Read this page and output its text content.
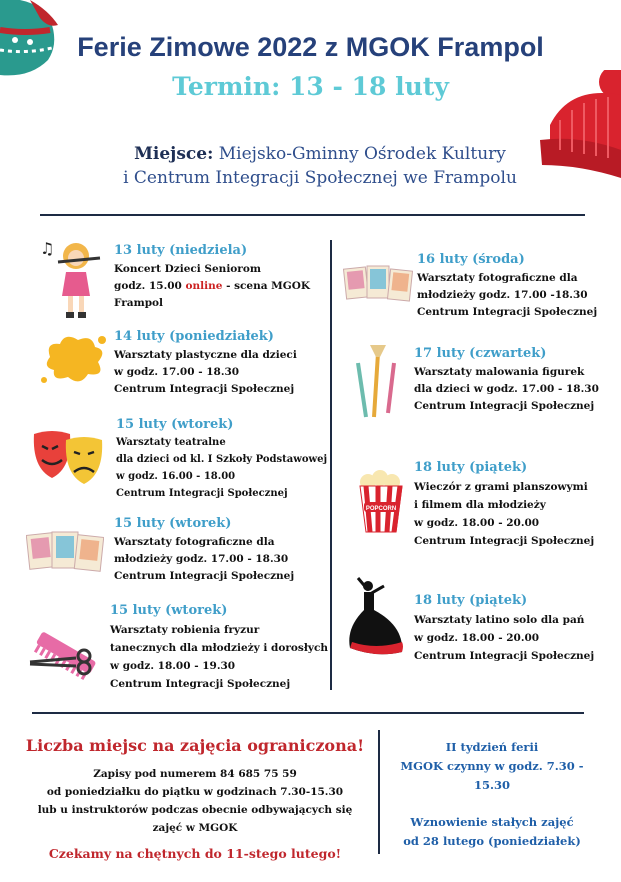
Ferie Zimowe 2022 z MGOK Frampol
Termin: 13 - 18 luty
Miejsce: Miejsko-Gminny Ośrodek Kultury
i Centrum Integracji Społecznej we Frampolu
♫	13 luty (niedziela)
Koncert Dzieci Seniorom
godz. 15.00 online - scena MGOK
Frampol
14 luty (poniedziałek)
Warsztaty plastyczne dla dzieci
w godz. 17.00 - 18.30
Centrum Integracji Społecznej
15 luty (wtorek)
Warsztaty teatralne
dla dzieci od kl. I Szkoły Podstawowej
w godz. 16.00 - 18.00
Centrum Integracji Społecznej
15 luty (wtorek)
Warsztaty fotograficzne dla
młodzieży godz. 17.00 - 18.30
Centrum Integracji Społecznej
15 luty (wtorek)
Warsztaty robienia fryzur
tanecznych dla młodzieży i dorosłych
w godz. 18.00 - 19.30
Centrum Integracji Społecznej
16 luty (środa)
Warsztaty fotograficzne dla
młodzieży godz. 17.00 -18.30
Centrum Integracji Społecznej
17 luty (czwartek)
Warsztaty malowania figurek
dla dzieci w godz. 17.00 - 18.30
Centrum Integracji Społecznej
POPCORN
18 luty (piątek)
Wieczór z grami planszowymi
i filmem dla młodzieży
w godz. 18.00 - 20.00
Centrum Integracji Społecznej
18 luty (piątek)
Warsztaty latino solo dla pań
w godz. 18.00 - 20.00
Centrum Integracji Społecznej
Liczba miejsc na zajęcia ograniczona!
Zapisy pod numerem 84 685 75 59
od poniedziałku do piątku w godzinach 7.30-15.30
lub u instruktorów podczas obecnie odbywających się
zajęć w MGOK
Czekamy na chętnych do 11-stego lutego!
II tydzień ferii
MGOK czynny w godz. 7.30 - 15.30
Wznowienie stałych zajęć
od 28 lutego (poniedziałek)
